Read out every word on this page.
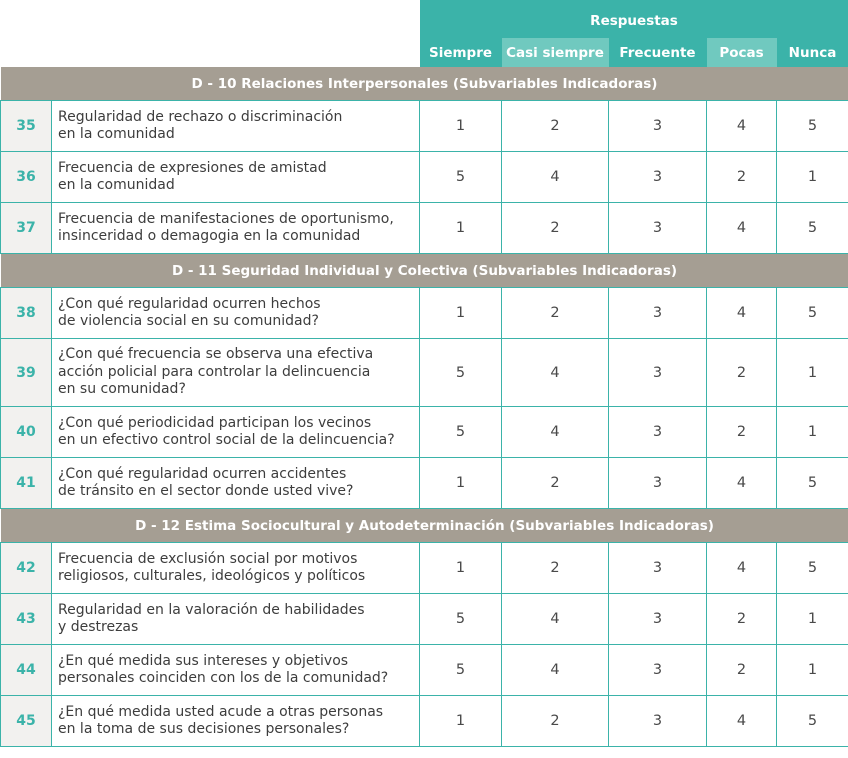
		Respuestas				
		Siempre	Casi siempre	Frecuente	Pocas	Nunca
D - 10 Relaciones Interpersonales (Subvariables Indicadoras)						
35	Regularidad de rechazo o discriminación
en la comunidad	1	2	3	4	5
36	Frecuencia de expresiones de amistad
en la comunidad	5	4	3	2	1
37	Frecuencia de manifestaciones de oportunismo,
insinceridad o demagogia en la comunidad	1	2	3	4	5
D - 11 Seguridad Individual y Colectiva (Subvariables Indicadoras)						
38	¿Con qué regularidad ocurren hechos
de violencia social en su comunidad?	1	2	3	4	5
39	¿Con qué frecuencia se observa una efectiva
acción policial para controlar la delincuencia
en su comunidad?	5	4	3	2	1
40	¿Con qué periodicidad participan los vecinos
en un efectivo control social de la delincuencia?	5	4	3	2	1
41	¿Con qué regularidad ocurren accidentes
de tránsito en el sector donde usted vive?	1	2	3	4	5
D - 12 Estima Sociocultural y Autodeterminación (Subvariables Indicadoras)						
42	Frecuencia de exclusión social por motivos
religiosos, culturales, ideológicos y políticos	1	2	3	4	5
43	Regularidad en la valoración de habilidades
y destrezas	5	4	3	2	1
44	¿En qué medida sus intereses y objetivos
personales coinciden con los de la comunidad?	5	4	3	2	1
45	¿En qué medida usted acude a otras personas
en la toma de sus decisiones personales?	1	2	3	4	5
